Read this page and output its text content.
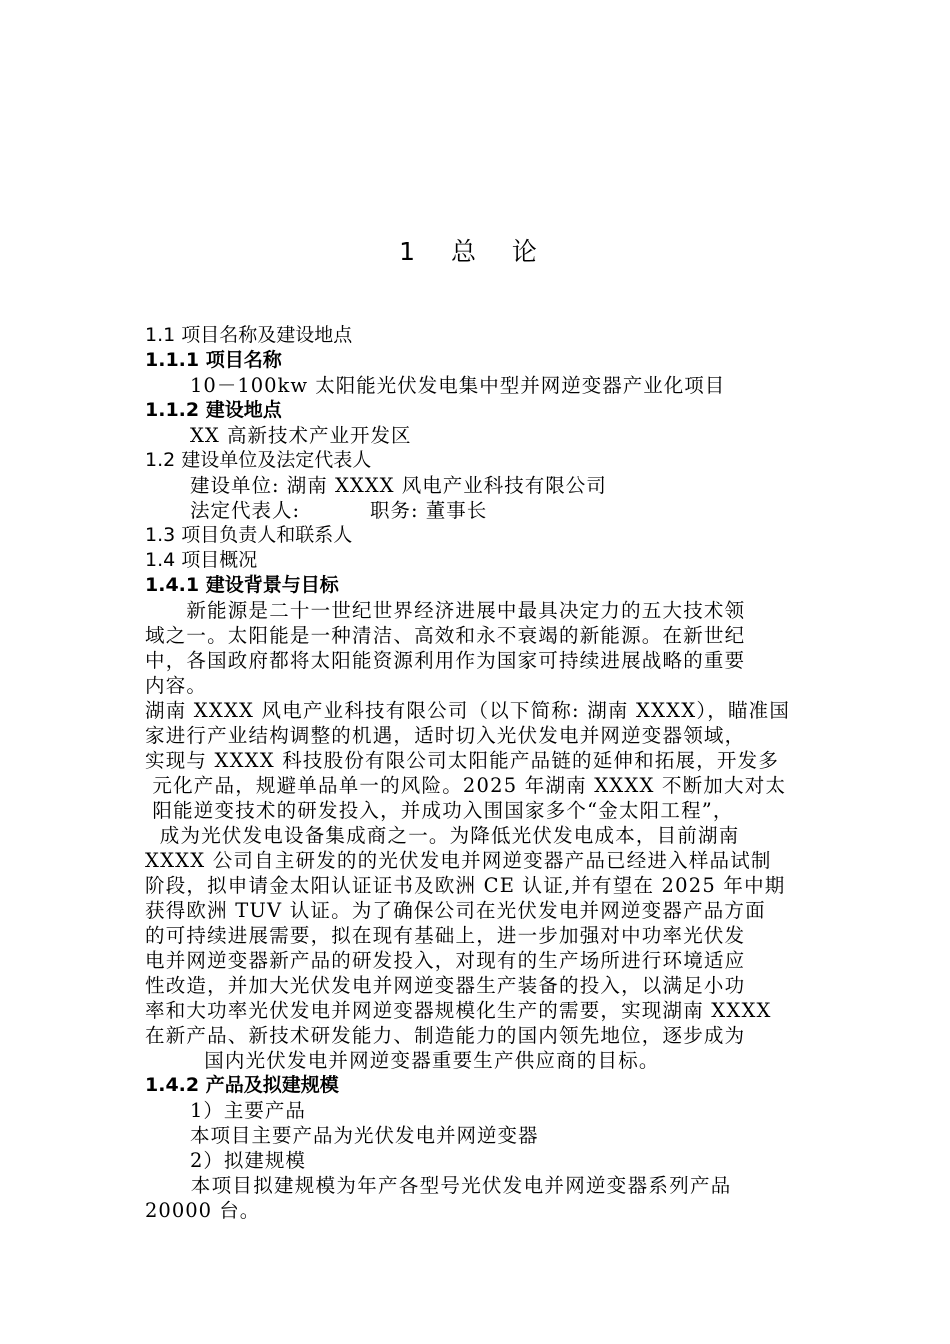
1 总 论
1.1 项目名称及建设地点
1.1.1 项目名称
10－100kw 太阳能光伏发电集中型并网逆变器产业化项目
1.1.2 建设地点
XX 高新技术产业开发区
1.2 建设单位及法定代表人
建设单位: 湖南 XXXX 风电产业科技有限公司
法定代表人:	职务: 董事长
1.3 项目负责人和联系人
1.4 项目概况
1.4.1 建设背景与目标

　　新能源是二十一世纪世界经济进展中最具决定力的五大技术领

域之一。太阳能是一种清洁、高效和永不衰竭的新能源。在新世纪

中，各国政府都将太阳能资源利用作为国家可持续进展战略的重要

内容。

湖南 XXXX 风电产业科技有限公司（以下简称: 湖南 XXXX），瞄准国

家进行产业结构调整的机遇，适时切入光伏发电并网逆变器领域，

实现与 XXXX 科技股份有限公司太阳能产品链的延伸和拓展，开发多

元化产品，规避单品单一的风险。2025 年湖南 XXXX 不断加大对太

阳能逆变技术的研发投入，并成功入围国家多个“金太阳工程”，

成为光伏发电设备集成商之一。为降低光伏发电成本，目前湖南

XXXX 公司自主研发的的光伏发电并网逆变器产品已经进入样品试制

阶段，拟申请金太阳认证证书及欧洲 CE 认证,并有望在 2025 年中期

获得欧洲 TUV 认证。为了确保公司在光伏发电并网逆变器产品方面

的可持续进展需要，拟在现有基础上，进一步加强对中功率光伏发

电并网逆变器新产品的研发投入，对现有的生产场所进行环境适应

性改造，并加大光伏发电并网逆变器生产装备的投入，以满足小功

率和大功率光伏发电并网逆变器规模化生产的需要，实现湖南 XXXX

在新产品、新技术研发能力、制造能力的国内领先地位，逐步成为

国内光伏发电并网逆变器重要生产供应商的目标。

1.4.2 产品及拟建规模
1）主要产品
本项目主要产品为光伏发电并网逆变器
2）拟建规模
　本项目拟建规模为年产各型号光伏发电并网逆变器系列产品
20000 台。
